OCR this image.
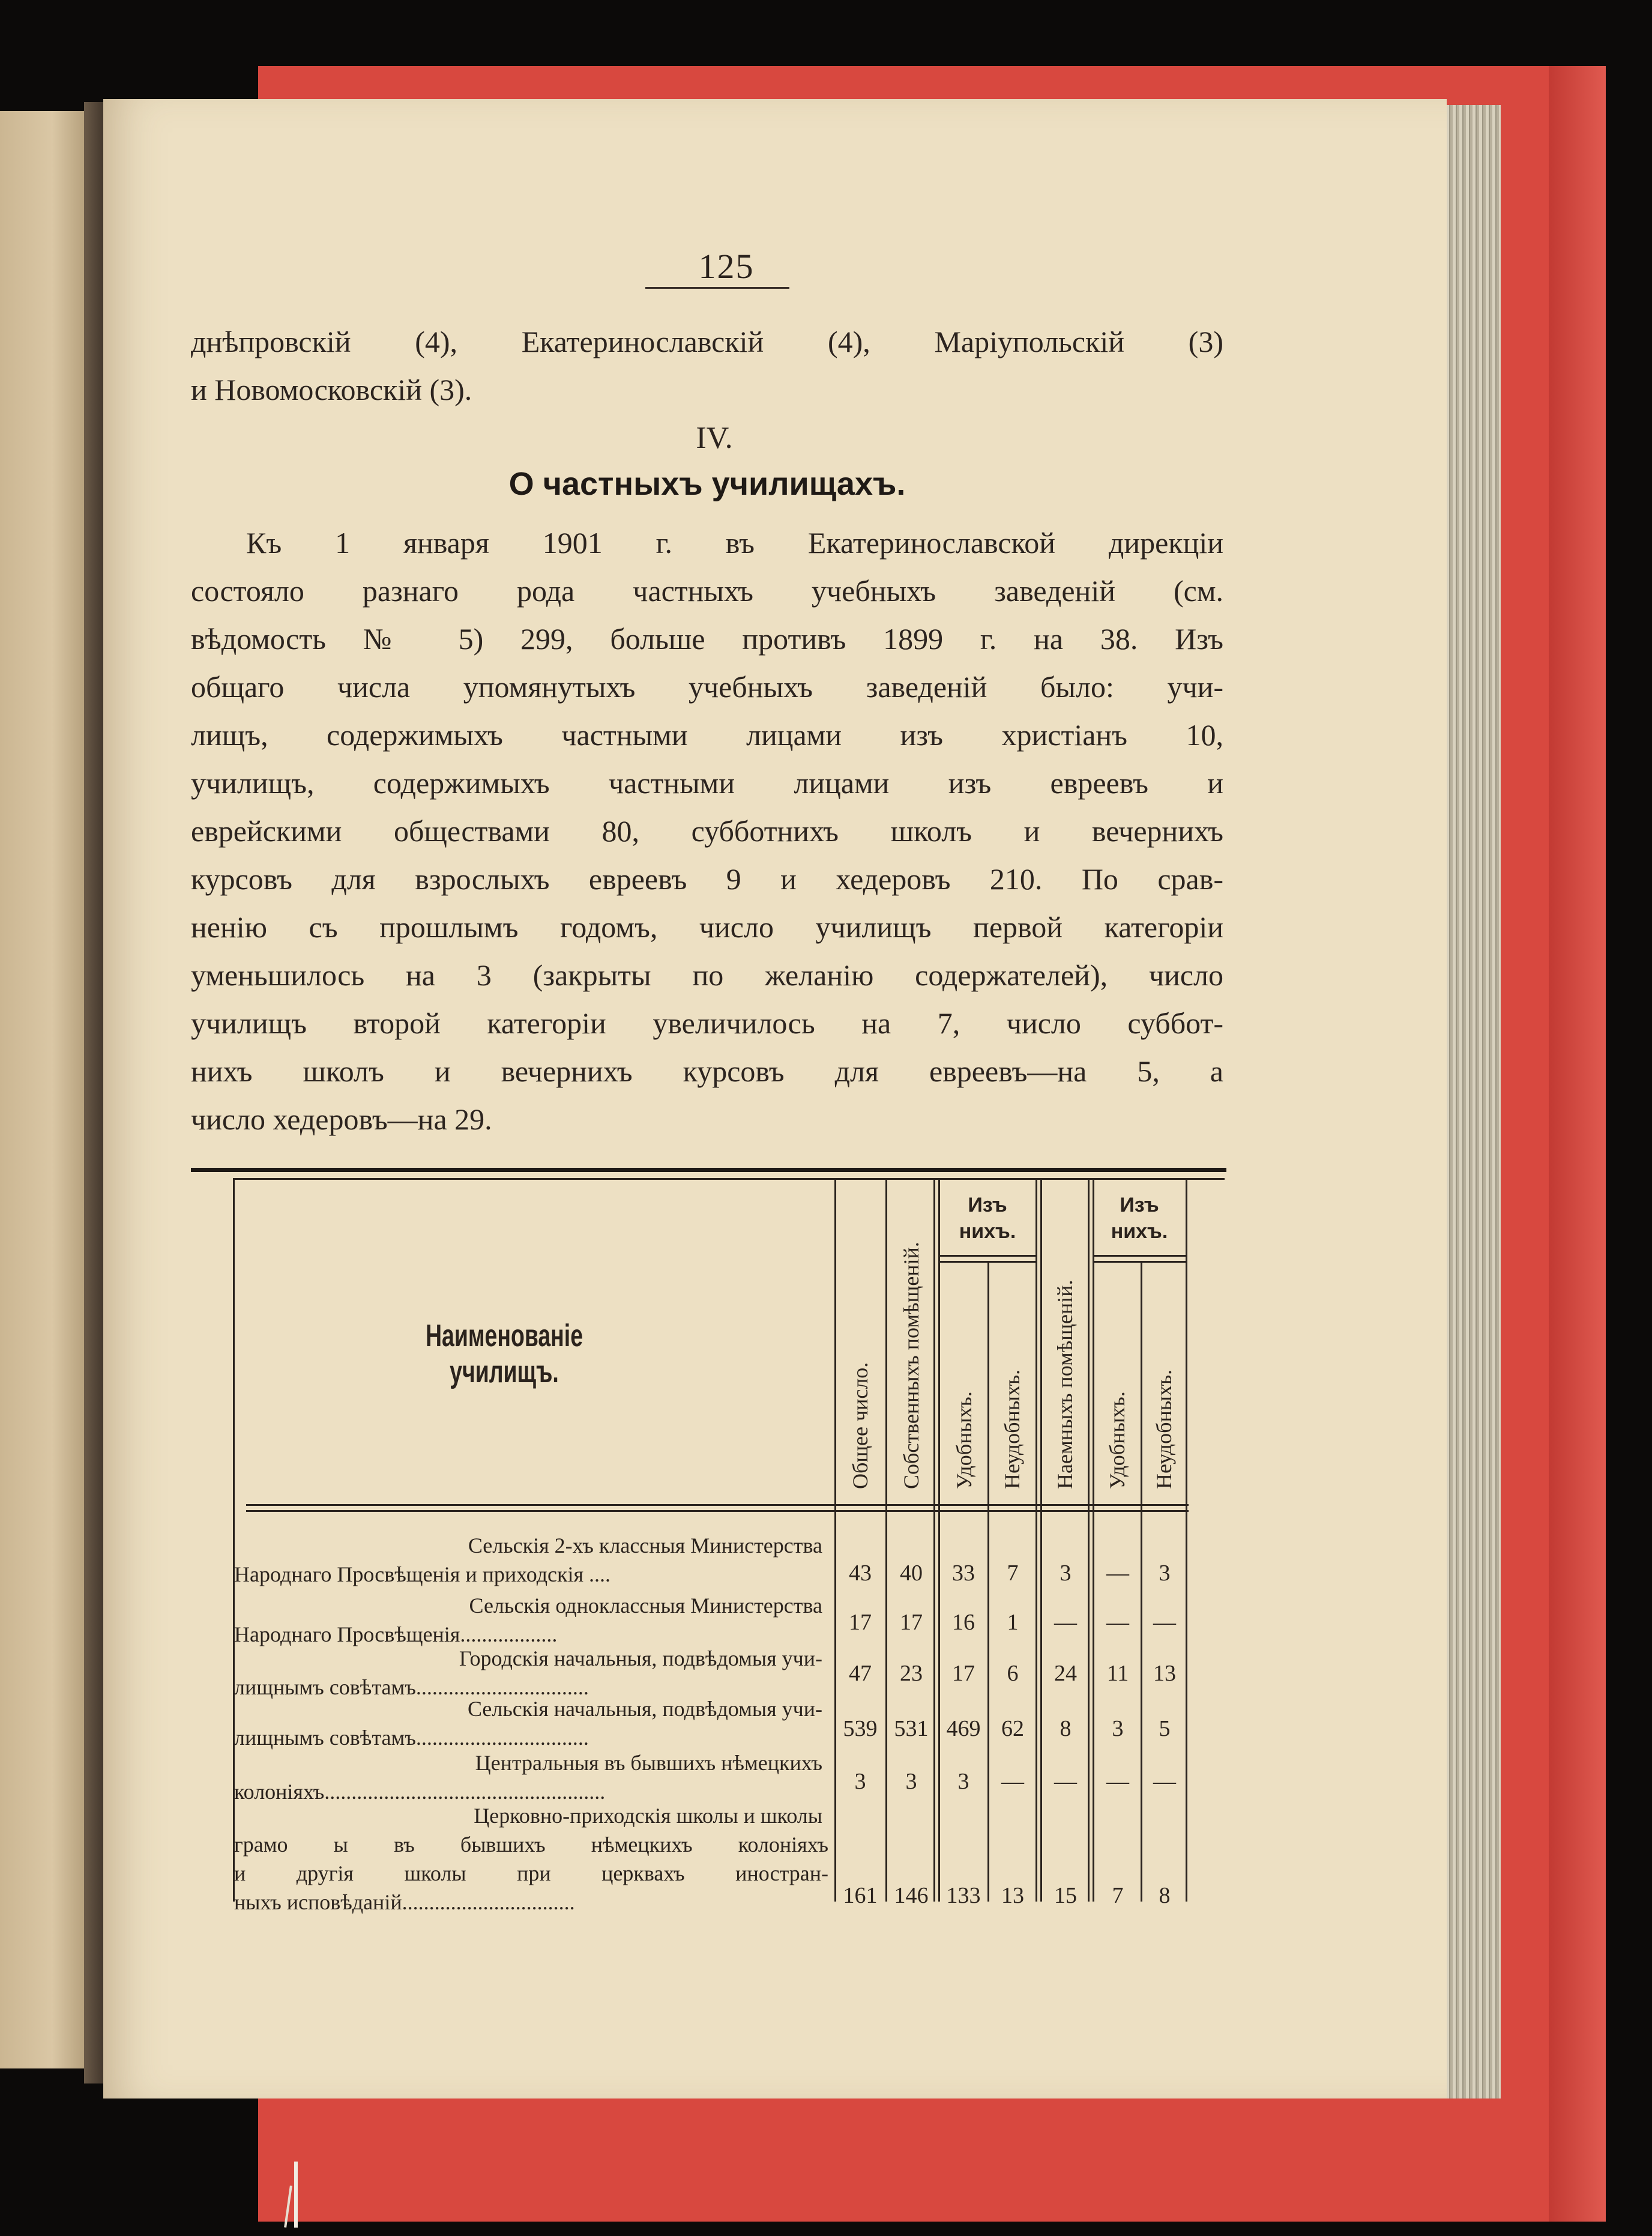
125
днѣпровскій (4), Екатеринославскій (4), Маріупольскій (3)
и Новомосковскій (3).
IV.
О частныхъ училищахъ.
Къ 1 января 1901 г. въ Екатеринославской дирекціи
состояло разнаго рода частныхъ учебныхъ заведеній (см.
вѣдомость № 5) 299, больше противъ 1899 г. на 38. Изъ
общаго числа упомянутыхъ учебныхъ заведеній было: учи-
лищъ, содержимыхъ частными лицами изъ христіанъ 10,
училищъ, содержимыхъ частными лицами изъ евреевъ и
еврейскими обществами 80, субботнихъ школъ и вечернихъ
курсовъ для взрослыхъ евреевъ 9 и хедеровъ 210. По срав-
ненію съ прошлымъ годомъ, число училищъ первой категоріи
уменьшилось на 3 (закрыты по желанію содержателей), число
училищъ второй категоріи увеличилось на 7, число суббот-
нихъ школъ и вечернихъ курсовъ для евреевъ—на 5, а
число хедеровъ—на 29.
Наименованіе училищъ.	Общее число. Собственныхъ помѣщеній. Удобныхъ. Неудобныхъ. Наемныхъ помѣщеній. Удобныхъ. Неудобныхъ.
Изъ нихъ.
Изъ нихъ.
Сельскія 2-хъ классныя Министерства
Народнаго Просвѣщенія и приходскія ....	43	40	33	7	3	—	3
Сельскія одноклассныя Министерства
Народнаго Просвѣщенія..................	17	17	16	1	—	—	—
Городскія начальныя, подвѣдомыя учи-
лищнымъ совѣтамъ................................
47	23	17	6	24	11	13
Сельскія начальныя, подвѣдомыя учи-
лищнымъ совѣтамъ................................	539 531 469 62	8	3	5
Центральныя въ бывшихъ нѣмецкихъ
колоніяхъ....................................................	3	3	3	—	—	—	—
Церковно-приходскія школы и школы
грамо ы въ бывшихъ нѣмецкихъ колоніяхъ
и другія школы при церквахъ иностран-
ныхъ исповѣданій................................	161 146 133 13	15	7	8
